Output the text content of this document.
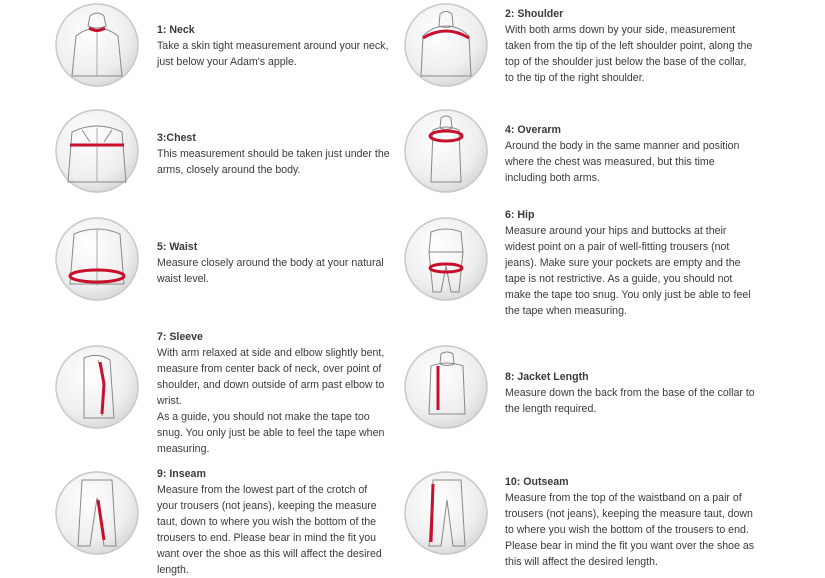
1: Neck
Take a skin tight measurement around your neck,
just below your Adam's apple.
2: Shoulder
With both arms down by your side, measurement
taken from the tip of the left shoulder point, along the
top of the shoulder just below the base of the collar,
to the tip of the right shoulder.
3:Chest
This measurement should be taken just under the
arms, closely around the body.
4: Overarm
Around the body in the same manner and position
where the chest was measured, but this time
including both arms.
5: Waist
Measure closely around the body at your natural
waist level.
6: Hip
Measure around your hips and buttocks at their
widest point on a pair of well-fitting trousers (not
jeans). Make sure your pockets are empty and the
tape is not restrictive. As a guide, you should not
make the tape too snug. You only just be able to feel
the tape when measuring.
7: Sleeve
With arm relaxed at side and elbow slightly bent,
measure from center back of neck, over point of
shoulder, and down outside of arm past elbow to
wrist.
As a guide, you should not make the tape too
snug. You only just be able to feel the tape when
measuring.
8: Jacket Length
Measure down the back from the base of the collar to
the length required.
9: Inseam
Measure from the lowest part of the crotch of
your trousers (not jeans), keeping the measure
taut, down to where you wish the bottom of the
trousers to end. Please bear in mind the fit you
want over the shoe as this will affect the desired
length.
10: Outseam
Measure from the top of the waistband on a pair of
trousers (not jeans), keeping the measure taut, down
to where you wish the bottom of the trousers to end.
Please bear in mind the fit you want over the shoe as
this will affect the desired length.
